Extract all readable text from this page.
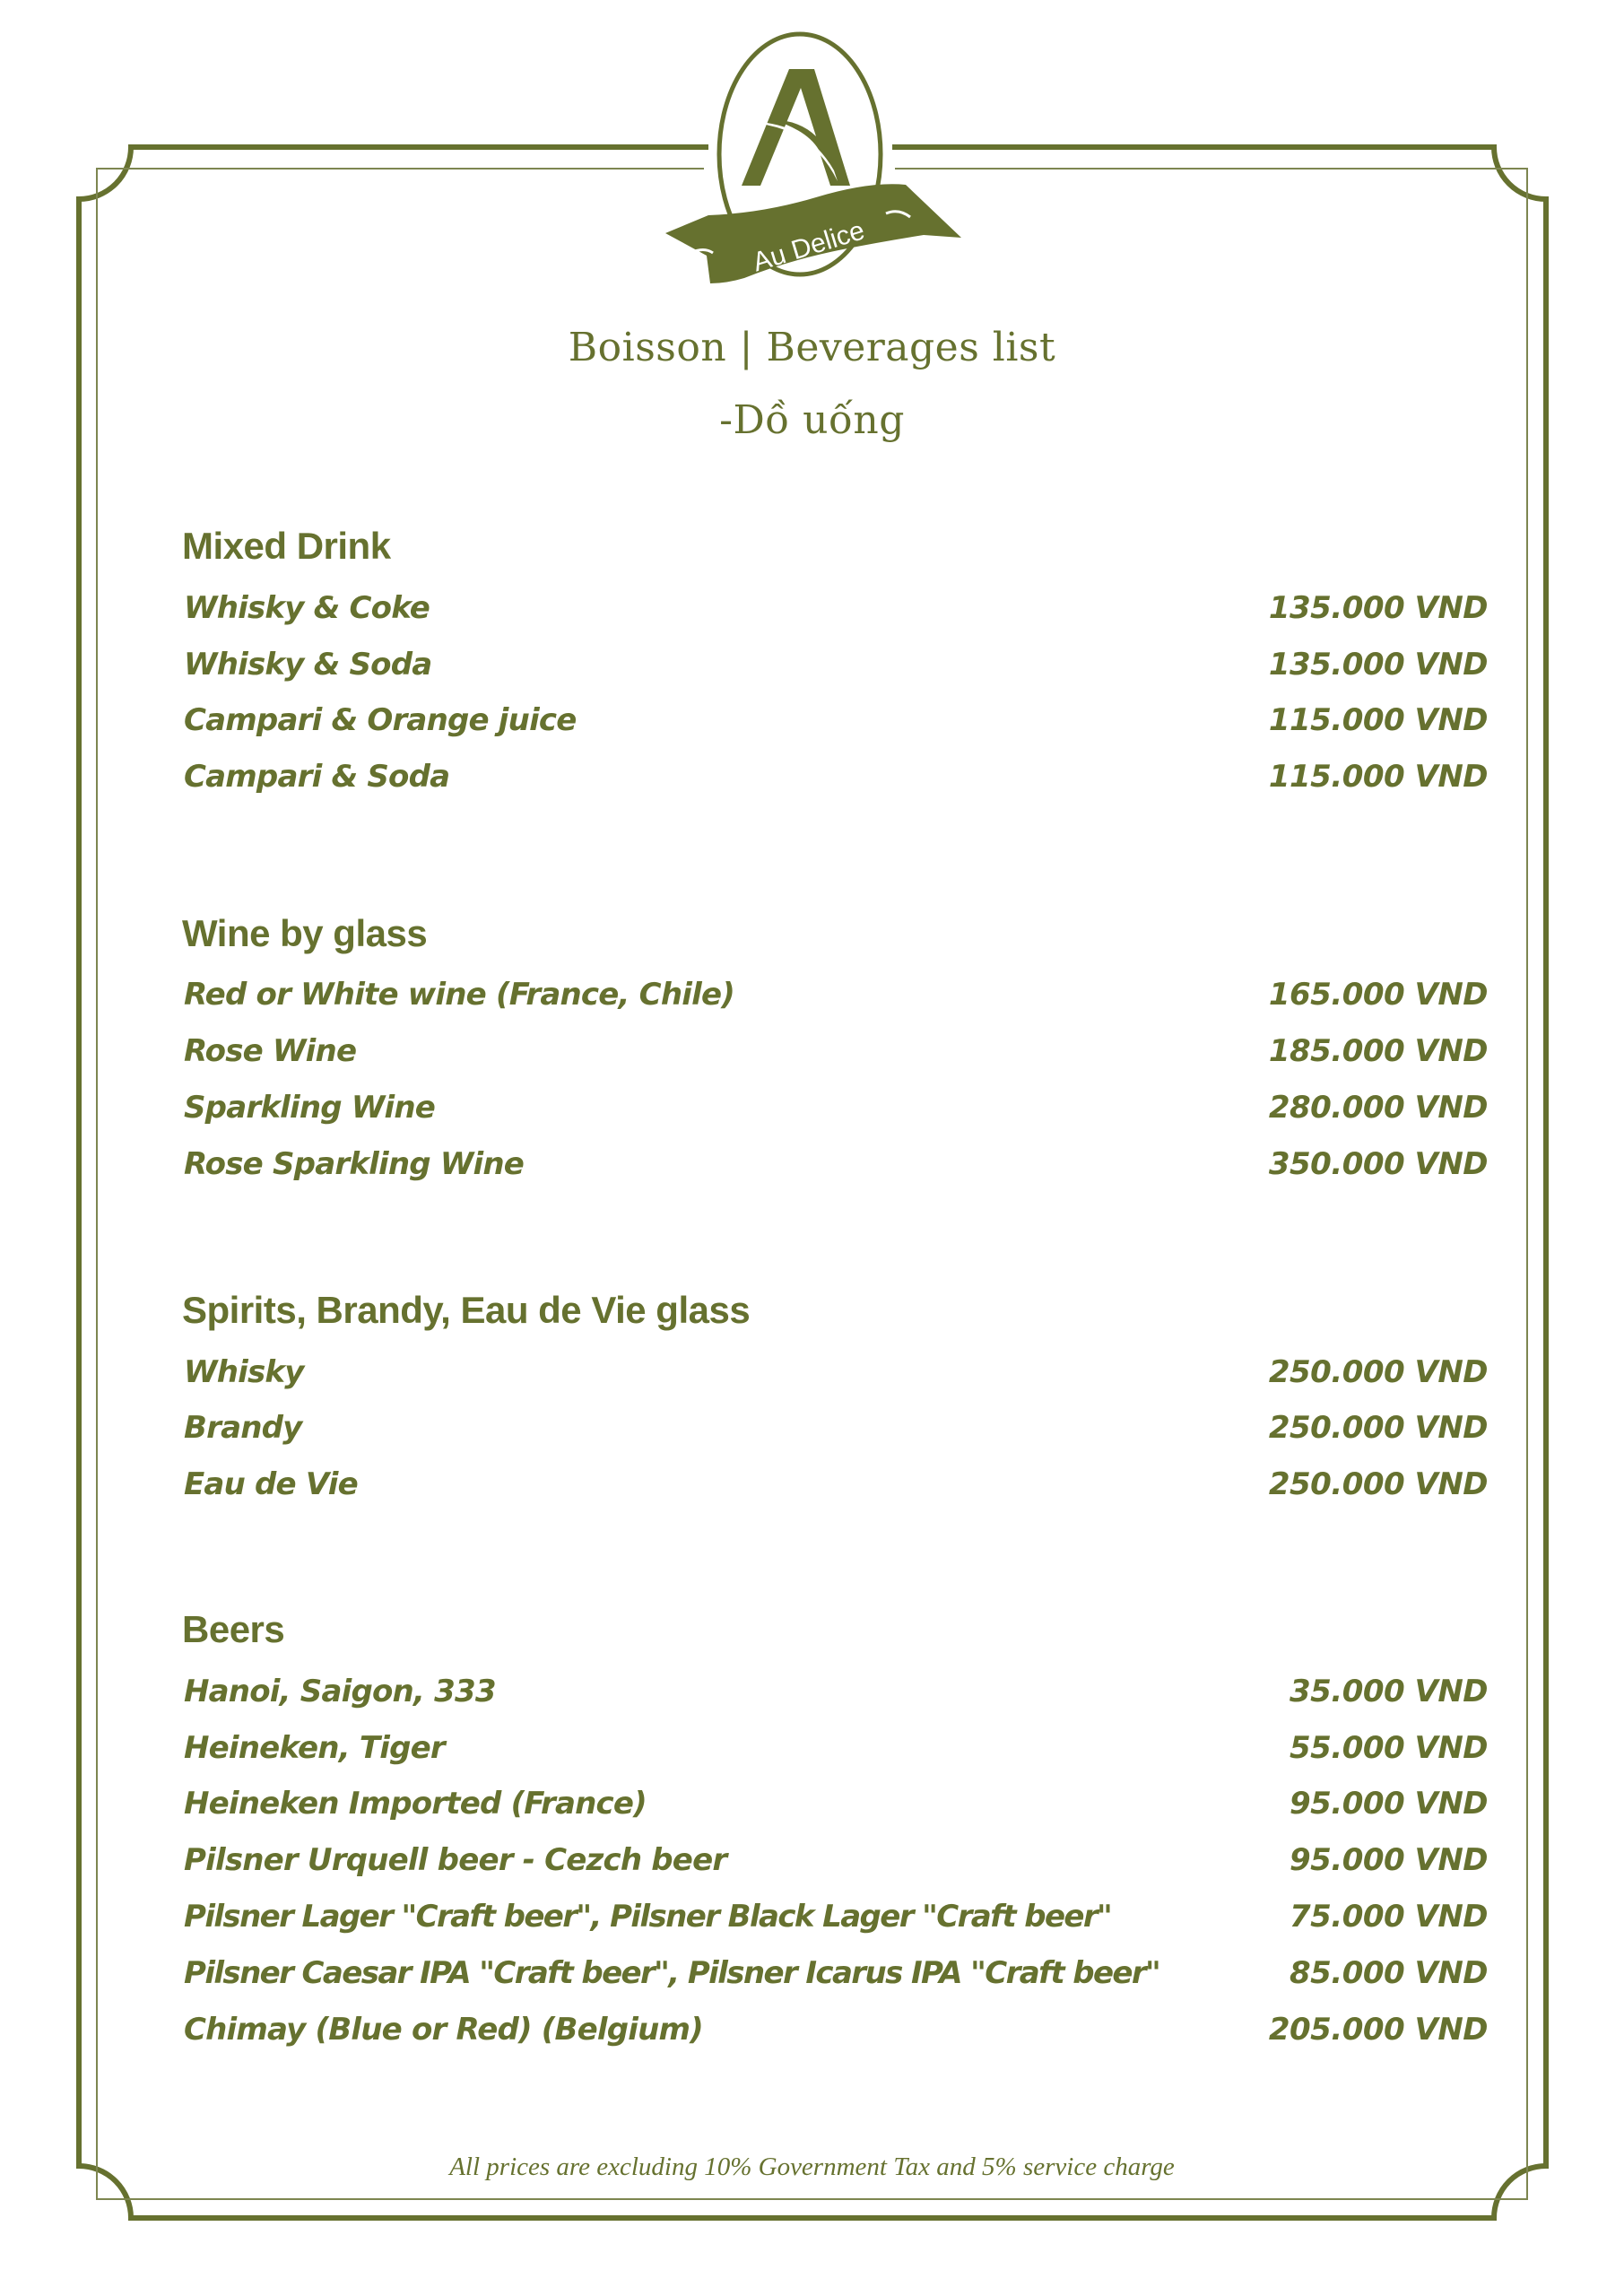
Au Delice
Boisson | Beverages list
-Dồ uống
Mixed Drink
Whisky & Coke	135.000 VND
Whisky & Soda	135.000 VND
Campari & Orange juice	115.000 VND
Campari & Soda	115.000 VND
Wine by glass
Red or White wine (France, Chile)	165.000 VND
Rose Wine	185.000 VND
Sparkling Wine	280.000 VND
Rose Sparkling Wine	350.000 VND
Spirits, Brandy, Eau de Vie glass
Whisky	250.000 VND
Brandy	250.000 VND
Eau de Vie	250.000 VND
Beers
Hanoi, Saigon, 333	35.000 VND
Heineken, Tiger	55.000 VND
Heineken Imported (France)	95.000 VND
Pilsner Urquell beer - Cezch beer	95.000 VND
Pilsner Lager "Craft beer", Pilsner Black Lager "Craft beer"	75.000 VND
Pilsner Caesar IPA "Craft beer", Pilsner Icarus IPA "Craft beer"	85.000 VND
Chimay (Blue or Red) (Belgium)	205.000 VND
All prices are excluding 10% Government Tax and 5% service charge
